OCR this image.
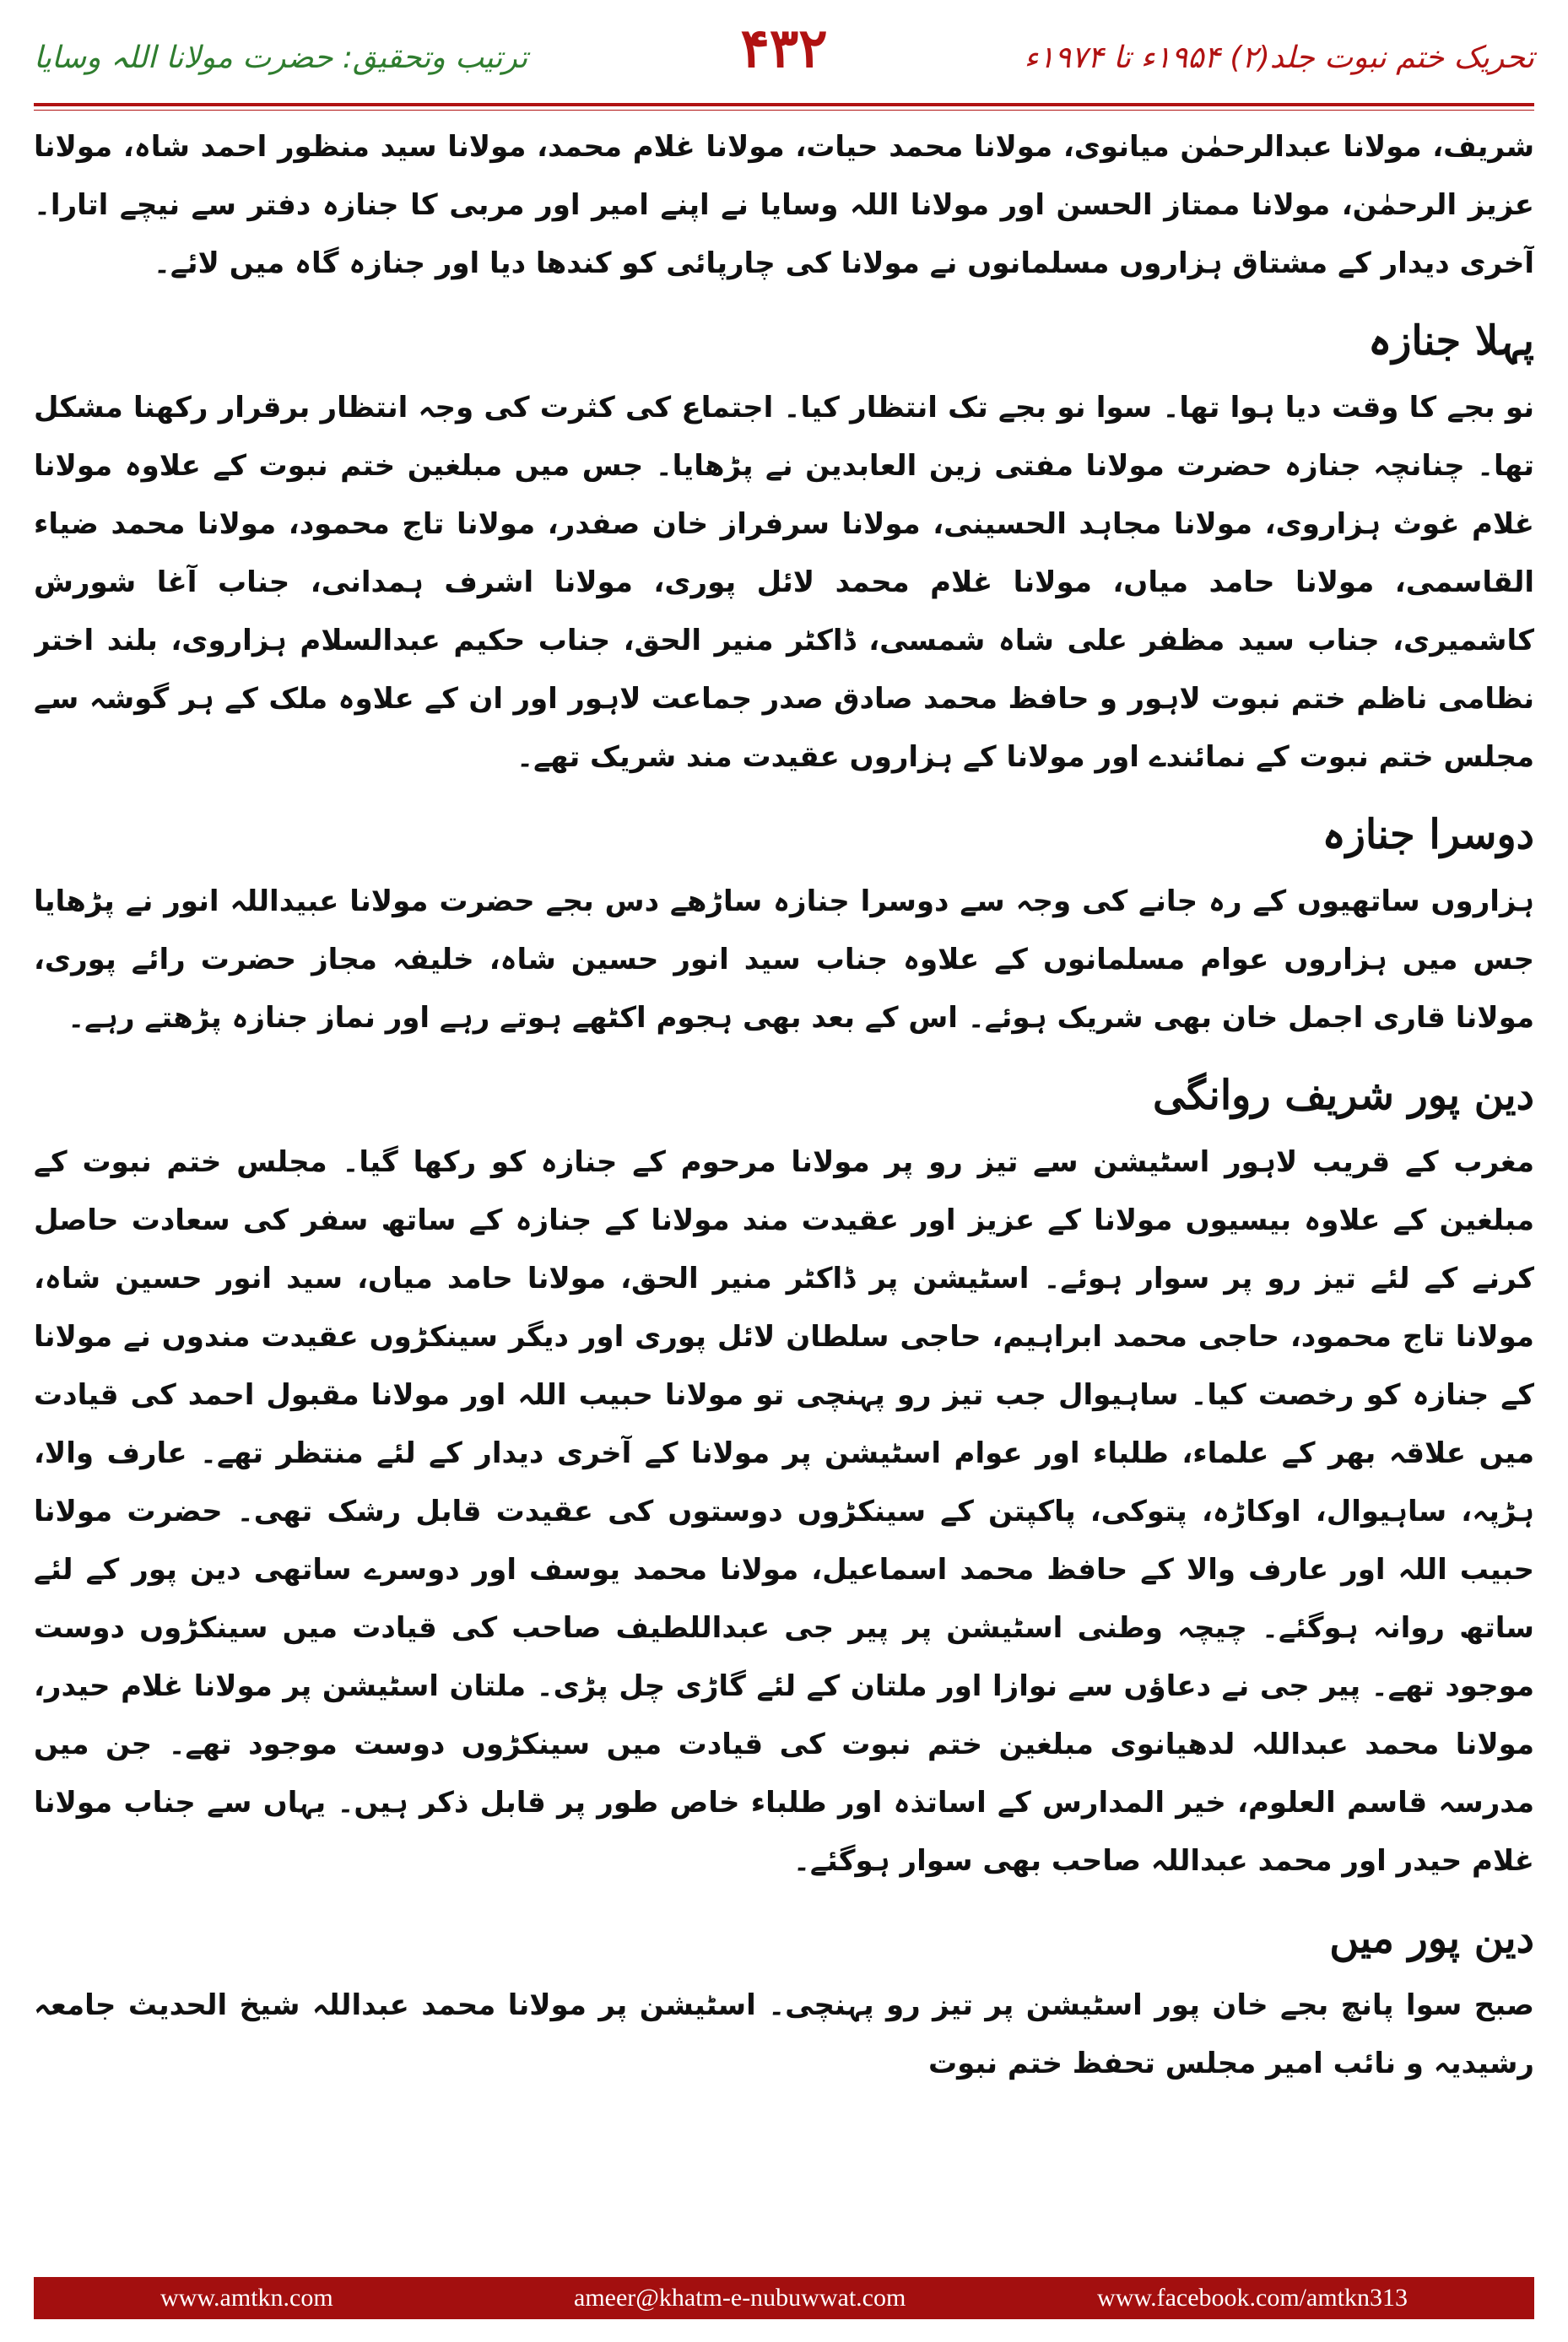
ترتیب وتحقیق: حضرت مولانا اللہ وسایا	۴۳۲	تحریک ختم نبوت جلد(۲) ۱۹۵۴ء تا ۱۹۷۴ء

شریف، مولانا عبدالرحمٰن میانوی، مولانا محمد حیات، مولانا غلام محمد، مولانا سید منظور احمد شاہ، مولانا عزیز الرحمٰن، مولانا ممتاز الحسن اور مولانا اللہ وسایا نے اپنے امیر اور مربی کا جنازہ دفتر سے نیچے اتارا۔ آخری دیدار کے مشتاق ہزاروں مسلمانوں نے مولانا کی چارپائی کو کندھا دیا اور جنازہ گاہ میں لائے۔

پہلا جنازہ

نو بجے کا وقت دیا ہوا تھا۔ سوا نو بجے تک انتظار کیا۔ اجتماع کی کثرت کی وجہ انتظار برقرار رکھنا مشکل تھا۔ چنانچہ جنازہ حضرت مولانا مفتی زین العابدین نے پڑھایا۔ جس میں مبلغین ختم نبوت کے علاوہ مولانا غلام غوث ہزاروی، مولانا مجاہد الحسینی، مولانا سرفراز خان صفدر، مولانا تاج محمود، مولانا محمد ضیاء القاسمی، مولانا حامد میاں، مولانا غلام محمد لائل پوری، مولانا اشرف ہمدانی، جناب آغا شورش کاشمیری، جناب سید مظفر علی شاہ شمسی، ڈاکٹر منیر الحق، جناب حکیم عبدالسلام ہزاروی، بلند اختر نظامی ناظم ختم نبوت لاہور و حافظ محمد صادق صدر جماعت لاہور اور ان کے علاوہ ملک کے ہر گوشہ سے مجلس ختم نبوت کے نمائندے اور مولانا کے ہزاروں عقیدت مند شریک تھے۔

دوسرا جنازہ

ہزاروں ساتھیوں کے رہ جانے کی وجہ سے دوسرا جنازہ ساڑھے دس بجے حضرت مولانا عبیداللہ انور نے پڑھایا جس میں ہزاروں عوام مسلمانوں کے علاوہ جناب سید انور حسین شاہ، خلیفہ مجاز حضرت رائے پوری، مولانا قاری اجمل خان بھی شریک ہوئے۔ اس کے بعد بھی ہجوم اکٹھے ہوتے رہے اور نماز جنازہ پڑھتے رہے۔

دین پور شریف روانگی

مغرب کے قریب لاہور اسٹیشن سے تیز رو پر مولانا مرحوم کے جنازہ کو رکھا گیا۔ مجلس ختم نبوت کے مبلغین کے علاوہ بیسیوں مولانا کے عزیز اور عقیدت مند مولانا کے جنازہ کے ساتھ سفر کی سعادت حاصل کرنے کے لئے تیز رو پر سوار ہوئے۔ اسٹیشن پر ڈاکٹر منیر الحق، مولانا حامد میاں، سید انور حسین شاہ، مولانا تاج محمود، حاجی محمد ابراہیم، حاجی سلطان لائل پوری اور دیگر سینکڑوں عقیدت مندوں نے مولانا کے جنازہ کو رخصت کیا۔ ساہیوال جب تیز رو پہنچی تو مولانا حبیب اللہ اور مولانا مقبول احمد کی قیادت میں علاقہ بھر کے علماء، طلباء اور عوام اسٹیشن پر مولانا کے آخری دیدار کے لئے منتظر تھے۔ عارف والا، ہڑپہ، ساہیوال، اوکاڑہ، پتوکی، پاکپتن کے سینکڑوں دوستوں کی عقیدت قابل رشک تھی۔ حضرت مولانا حبیب اللہ اور عارف والا کے حافظ محمد اسماعیل، مولانا محمد یوسف اور دوسرے ساتھی دین پور کے لئے ساتھ روانہ ہوگئے۔ چیچہ وطنی اسٹیشن پر پیر جی عبداللطیف صاحب کی قیادت میں سینکڑوں دوست موجود تھے۔ پیر جی نے دعاؤں سے نوازا اور ملتان کے لئے گاڑی چل پڑی۔ ملتان اسٹیشن پر مولانا غلام حیدر، مولانا محمد عبداللہ لدھیانوی مبلغین ختم نبوت کی قیادت میں سینکڑوں دوست موجود تھے۔ جن میں مدرسہ قاسم العلوم، خیر المدارس کے اساتذہ اور طلباء خاص طور پر قابل ذکر ہیں۔ یہاں سے جناب مولانا غلام حیدر اور محمد عبداللہ صاحب بھی سوار ہوگئے۔

دین پور میں

صبح سوا پانچ بجے خان پور اسٹیشن پر تیز رو پہنچی۔ اسٹیشن پر مولانا محمد عبداللہ شیخ الحدیث جامعہ رشیدیہ و نائب امیر مجلس تحفظ ختم نبوت

www.amtkn.com	ameer@khatm-e-nubuwwat.com	www.facebook.com/amtkn313
